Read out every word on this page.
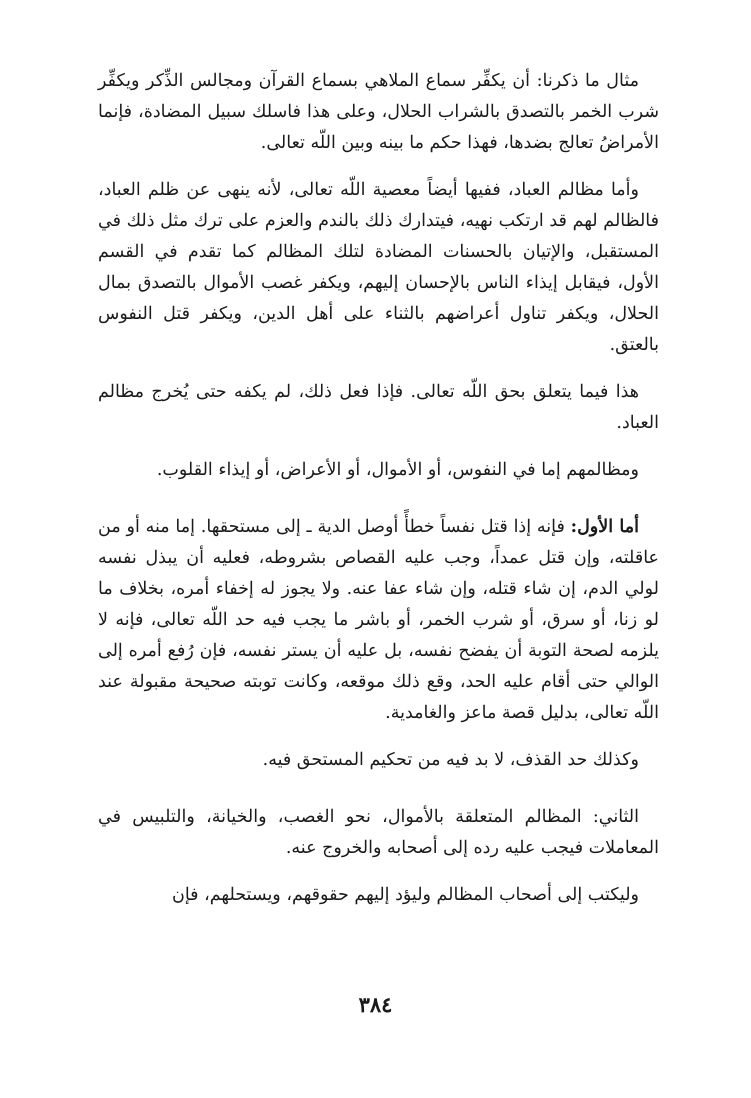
مثال ما ذكرنا: أن يكفِّر سماع الملاهي بسماع القرآن ومجالس الذِّكر ويكفِّر شرب الخمر بالتصدق بالشراب الحلال، وعلى هذا فاسلك سبيل المضادة، فإنما الأمراضُ تعالج بضدها، فهذا حكم ما بينه وبين اللّه تعالى.

وأما مظالم العباد، ففيها أيضاً معصية اللّه تعالى، لأنه ينهى عن ظلم العباد، فالظالم لهم قد ارتكب نهيه، فيتدارك ذلك بالندم والعزم على ترك مثل ذلك في المستقبل، والإتيان بالحسنات المضادة لتلك المظالم كما تقدم في القسم الأول، فيقابل إيذاء الناس بالإحسان إليهم، ويكفر غصب الأموال بالتصدق بمال الحلال، ويكفر تناول أعراضهم بالثناء على أهل الدين، ويكفر قتل النفوس بالعتق.

هذا فيما يتعلق بحق اللّه تعالى. فإذا فعل ذلك، لم يكفه حتى يُخرج مظالم العباد.

ومظالمهم إما في النفوس، أو الأموال، أو الأعراض، أو إيذاء القلوب.

أما الأول: فإنه إذا قتل نفساً خطأً أوصل الدية ـ إلى مستحقها. إما منه أو من عاقلته، وإن قتل عمداً، وجب عليه القصاص بشروطه، فعليه أن يبذل نفسه لولي الدم، إن شاء قتله، وإن شاء عفا عنه. ولا يجوز له إخفاء أمره، بخلاف ما لو زنا، أو سرق، أو شرب الخمر، أو باشر ما يجب فيه حد اللّه تعالى، فإنه لا يلزمه لصحة التوبة أن يفضح نفسه، بل عليه أن يستر نفسه، فإن رُفع أمره إلى الوالي حتى أقام عليه الحد، وقع ذلك موقعه، وكانت توبته صحيحة مقبولة عند اللّه تعالى، بدليل قصة ماعز والغامدية.

وكذلك حد القذف، لا بد فيه من تحكيم المستحق فيه.

الثاني: المظالم المتعلقة بالأموال، نحو الغصب، والخيانة، والتلبيس في المعاملات فيجب عليه رده إلى أصحابه والخروج عنه.

وليكتب إلى أصحاب المظالم وليؤد إليهم حقوقهم، ويستحلهم، فإن

٣٨٤
